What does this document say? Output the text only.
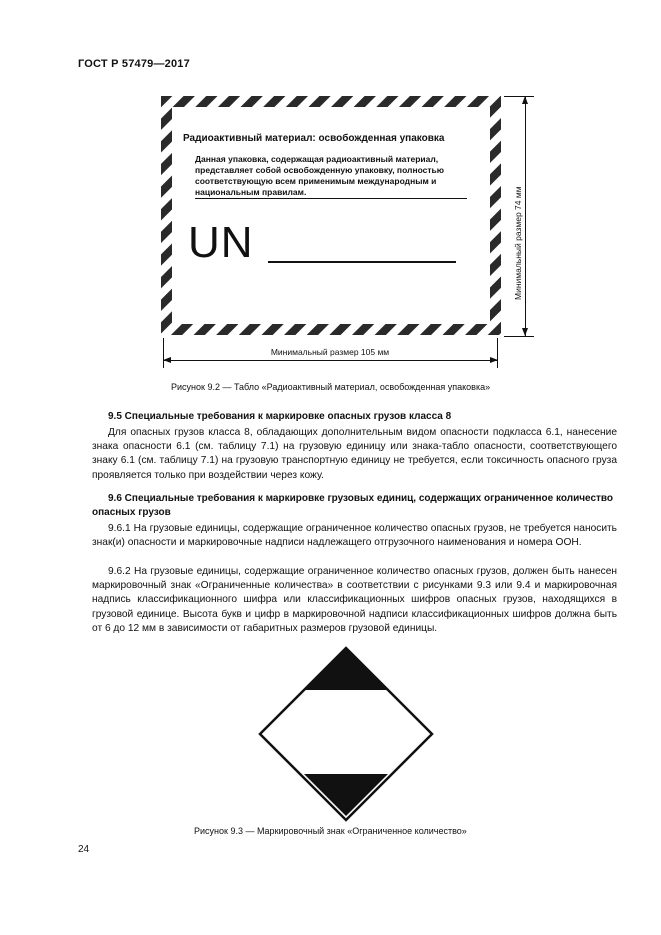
ГОСТ Р 57479—2017
Радиоактивный материал: освобожденная упаковка
Данная упаковка, содержащая радиоактивный материал, представляет собой освобожденную упаковку, полностью соответствующую всем применимым международным и национальным правилам.
UN
Минимальный размер 105 мм
Минимальный размер 74 мм
Рисунок 9.2 — Табло «Радиоактивный материал, освобожденная упаковка»
9.5 Специальные требования к маркировке опасных грузов класса 8
Для опасных грузов класса 8, обладающих дополнительным видом опасности подкласса 6.1, нанесение знака опасности 6.1 (см. таблицу 7.1) на грузовую единицу или знака-табло опасности, соответствующего знаку 6.1 (см. таблицу 7.1) на грузовую транспортную единицу не требуется, если токсичность опасного груза проявляется только при воздействии через кожу.
9.6 Специальные требования к маркировке грузовых единиц, содержащих ограниченное количество опасных грузов
9.6.1 На грузовые единицы, содержащие ограниченное количество опасных грузов, не требуется наносить знак(и) опасности и маркировочные надписи надлежащего отгрузочного наименования и номера ООН.
9.6.2 На грузовые единицы, содержащие ограниченное количество опасных грузов, должен быть нанесен маркировочный знак «Ограниченные количества» в соответствии с рисунками 9.3 или 9.4 и маркировочная надпись классификационного шифра или классификационных шифров опасных грузов, находящихся в грузовой единице. Высота букв и цифр в маркировочной надписи классификационных шифров должна быть от 6 до 12 мм в зависимости от габаритных размеров грузовой единицы.
Рисунок 9.3 — Маркировочный знак «Ограниченное количество»
24
